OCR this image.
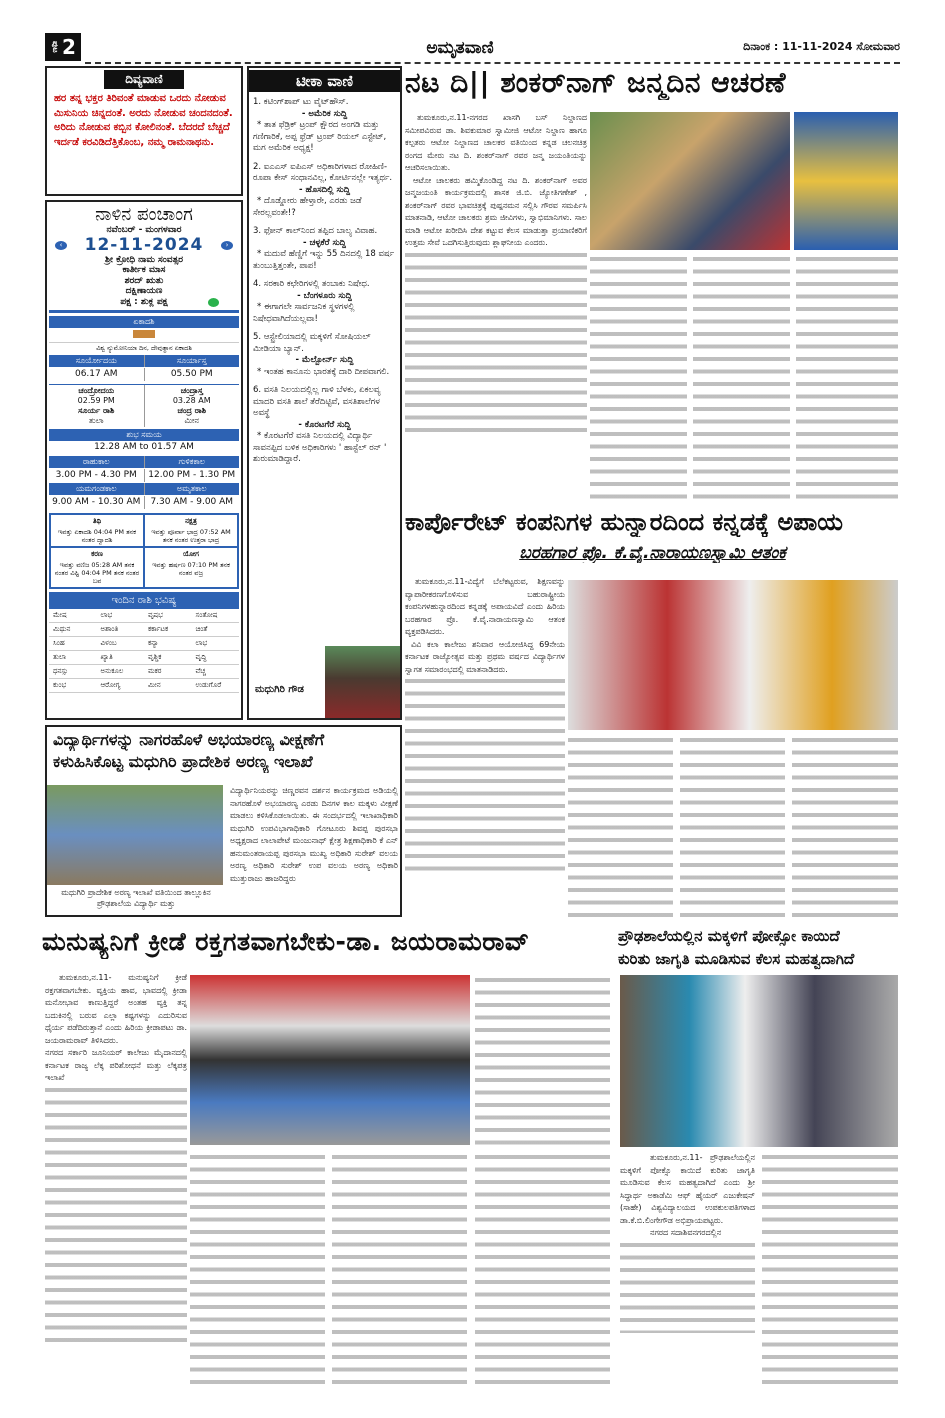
ಪುಟ 2	ಅಮೃತವಾಣಿ	ದಿನಾಂಕ : 11-11-2024 ಸೋಮವಾರ
ದಿವ್ಯವಾಣಿ

ಹರ ತನ್ನ ಭಕ್ತರ ತಿರಿವಂತೆ ಮಾಡುವ ಒರದು ನೋಡುವ ಮಿಸುನಿಯ ಚಿನ್ನದಂತೆ. ಅರದು ನೋಡುವ ಚಂದನದಂತೆ. ಅರಿದು ನೋಡುವ ಕಬ್ಬಿನ ಕೋಲಿನಂತೆ. ಬೆದರದೆ ಬೆಚ್ಚದೆ ಇರ್ದಡೆ ಕರವಿಡಿದೆತ್ತಿಕೊಂಬ, ನಮ್ಮ ರಾಮನಾಥನು.

ನಾಳಿನ ಪಂಚಾಂಗ
ನವೆಂಬರ್ - ಮಂಗಳವಾರ
‹ 12-11-2024	›
ಶ್ರೀ ಕ್ರೋಧಿ ನಾಮ ಸಂವತ್ಸರ
ಕಾರ್ತೀಕ ಮಾಸ
ಶರದ್ ಋತು
ದಕ್ಷಿಣಾಯಣ
ಪಕ್ಷ : ಶುಕ್ಲ ಪಕ್ಷ
ಏಕಾದಶಿ
ವಿಶ್ವ ನ್ಯುಮೋನಿಯಾ ದಿನ, ದೇವುತ್ಥಾನ ಏಕಾದಶಿ
ಸೂರ್ಯೋದಯ	ಸೂರ್ಯಾಸ್ತ
06.17 AM	05.50 PM
ಚಂದ್ರೋದಯ
02.59 PM
ಸೂರ್ಯ ರಾಶಿ
ತುಲಾ
ಚಂದ್ರಾಸ್ತ
03.28 AM
ಚಂದ್ರ ರಾಶಿ
ಮೀನ
ಶುಭ ಸಮಯ
12.28 AM to 01.57 AM
ರಾಹುಕಾಲ	ಗುಳಿಕಕಾಲ
3.00 PM - 4.30 PM	12.00 PM - 1.30 PM
ಯಮಗಂಡಕಾಲ	ಅಮೃತಕಾಲ
9.00 AM - 10.30 AM	7.30 AM - 9.00 AM
ತಿಥಿ
ಇವತ್ತು ಏಕಾದಶಿ 04:04 PM ತನಕ ನಂತರ ದ್ವಾದಶಿ
ನಕ್ಷತ್ರ
ಇವತ್ತು ಪೂರ್ವಾ ಭಾದ್ರ 07:52 AM ತನಕ ನಂತರ ಉತ್ತರಾ ಭಾದ್ರ
ಕರಣ
ಇವತ್ತು ವಣಿಜ 05:28 AM ತನಕ ನಂತರ ವಿಷ್ಟಿ 04:04 PM ತನಕ ನಂತರ ಬವ
ಯೋಗ
ಇವತ್ತು ಹರ್ಷಣ 07:10 PM ತನಕ ನಂತರ ವಜ್ರ
ಇಂದಿನ ರಾಶಿ ಭವಿಷ್ಯ
ಮೇಷ	ಲಾಭ	ವೃಷಭ	ಸಂತೋಷ
ಮಿಥುನ	ಅಶಾಂತಿ	ಕರ್ಕಾಟಕ	ಚಿಂತೆ
ಸಿಂಹ	ವಿಳಂಬ	ಕನ್ಯಾ	ಲಾಭ
ತುಲಾ	ಖ್ಯಾತಿ	ವೃಶ್ಚಿಕ	ವೃದ್ಧಿ
ಧನಸ್ಸು	ಅನುಕೂಲ	ಮಕರ	ವೆಚ್ಚ
ಕುಂಭ	ಆರೋಗ್ಯ	ಮೀನ	ಉಡುಗೊರೆ
ಟೀಕಾ ವಾಣಿ
1. ಕಟಿಂಗ್‌ಶಾಪ್ ಟು ವೈಟ್‌ಹೌಸ್.
- ಅಮೆರಿಕ ಸುದ್ದಿ
* ತಾತ ಫೆಡ್ರಿಕ್ ಟ್ರಂಪ್ ಕ್ಷೌರದ ಅಂಗಡಿ ಮತ್ತು ಗಣಿಗಾರಿಕೆ, ಅಪ್ಪ ಫ್ರೆಡ್ ಟ್ರಂಪ್ ರಿಯಲ್ ಎಸ್ಟೇಟ್, ಮಗ ಅಮೆರಿಕ ಅಧ್ಯಕ್ಷ!
2. ಐಎಎಸ್ ಐಪಿಎಸ್ ಅಧಿಕಾರಿಗಳಾದ ರೋಹಿಣಿ-ರೂಪಾ ಕೇಸ್ ಸಂಧಾನವಿಲ್ಲ, ಕೋರ್ಟಿನಲ್ಲೇ ಇತ್ಯರ್ಥ.
- ಹೊಸದಿಲ್ಲಿ ಸುದ್ದಿ
* ದೊಡ್ಡೋರು ಹೇಳ್ತಾರೇ, ಎರಡು ಜಡೆ ಸೇರಲ್ಲವಂತೇ!?
3. ಫೋನ್ ಕಾಲ್‌ನಿಂದ ತಪ್ಪಿದ ಬಾಲ್ಯ ವಿವಾಹ.
- ಚಳ್ಳಕೆರೆ ಸುದ್ದಿ
* ಮದುವೆ ಹೆಣ್ಣಿಗೆ ಇನ್ನು 55 ದಿನದಲ್ಲಿ 18 ವರ್ಷ ತುಂಬುತ್ತಿತ್ತಂತೇ, ಪಾಪ!
4. ಸರಕಾರಿ ಕಛೇರಿಗಳಲ್ಲಿ ತಂಬಾಕು ನಿಷೇಧ.
- ಬೆಂಗಳೂರು ಸುದ್ದಿ
* ಈಗಾಗಲೇ ಸಾರ್ವಜನಿಕ ಸ್ಥಳಗಳಲ್ಲಿ ನಿಷೇಧವಾಗಿದೆಯಲ್ಲವಾ!
5. ಆಸ್ಟ್ರೇಲಿಯಾದಲ್ಲಿ ಮಕ್ಕಳಿಗೆ ಸೋಷಿಯಲ್ ಮೀಡಿಯಾ ಬ್ಯಾನ್.
- ಮೆಲ್ಬೋರ್ನ್ ಸುದ್ದಿ
* ಇಂತಹ ಕಾನೂನು ಭಾರತಕ್ಕೆ ದಾರಿ ದೀಪವಾಗಲಿ.
6. ವಸತಿ ನಿಲಯದಲ್ಲಿಲ್ಲ ಗಾಳಿ ಬೆಳಕು, ಏಕಲವ್ಯ ಮಾದರಿ ವಸತಿ ಶಾಲೆ ತೆರೆದಿಟ್ಟಿವೆ, ವಸತಿಶಾಲೆಗಳ ಅವಸ್ಥೆ
- ಕೊರಟಗೆರೆ ಸುದ್ದಿ
* ಕೊರಟಗೆರೆ ವಸತಿ ನಿಲಯದಲ್ಲಿ ವಿದ್ಯಾರ್ಥಿ ಸಾವನಪ್ಪಿದ ಬಳಿಕ ಅಧಿಕಾರಿಗಳು ' ಹಾಸ್ಟೆಲ್ ರನ್ ' ಶುರುಮಾಡಿದ್ದಾರೆ.
ಮಧುಗಿರಿ ಗೌಡ
ನಟ ದಿ|| ಶಂಕರ್‌ನಾಗ್ ಜನ್ಮದಿನ ಆಚರಣೆ

ತುಮಕೂರು,ನ.11-ನಗರದ ಖಾಸಗಿ ಬಸ್ ನಿಲ್ದಾಣದ ಸಮೀಪವಿರುವ ಡಾ. ಶಿವಕುಮಾರ ಸ್ವಾಮೀಜಿ ಆಟೋ ನಿಲ್ದಾಣ ಹಾಗೂ ಕಲ್ಪತರು ಆಟೋ ನಿಲ್ದಾಣದ ಚಾಲಕರ ವತಿಯಿಂದ ಕನ್ನಡ ಚಲನಚಿತ್ರ ರಂಗದ ಮೇರು ನಟ ದಿ. ಶಂಕರ್‌ನಾಗ್ ರವರ ಜನ್ಮ ಜಯಂತಿಯನ್ನು ಆಚರಿಸಲಾಯಿತು.

ಆಟೋ ಚಾಲಕರು ಹಮ್ಮಿಕೊಂಡಿದ್ದ ನಟ ದಿ. ಶಂಕರ್‌ನಾಗ್ ಅವರ ಜನ್ಮಜಯಂತಿ ಕಾರ್ಯಕ್ರಮದಲ್ಲಿ ಶಾಸಕ ಜಿ.ಬಿ. ಜ್ಯೋತಿಗಣೇಶ್ , ಶಂಕರ್‌ನಾಗ್ ರವರ ಭಾವಚಿತ್ರಕ್ಕೆ ಪುಷ್ಪನಮನ ಸಲ್ಲಿಸಿ ಗೌರವ ಸಮರ್ಪಿಸಿ ಮಾತನಾಡಿ, ಆಟೋ ಚಾಲಕರು ಶ್ರಮ ಜೀವಿಗಳು, ಸ್ವಾಭಿಮಾನಿಗಳು. ಸಾಲ ಮಾಡಿ ಆಟೋ ಖರೀದಿಸಿ ದೇಶ ಕಟ್ಟುವ ಕೆಲಸ ಮಾಡುತ್ತಾ ಪ್ರಯಾಣಿಕರಿಗೆ ಉತ್ತಮ ಸೇವೆ ಒದಗಿಸುತ್ತಿರುವುದು ಶ್ಲಾಘನೀಯ ಎಂದರು.

ಕಾರ್ಪೊರೇಟ್ ಕಂಪನಿಗಳ ಹುನ್ನಾರದಿಂದ ಕನ್ನಡಕ್ಕೆ ಅಪಾಯ
ಬರಹಗಾರ ಪ್ರೊ. ಕೆ.ವೈ.ನಾರಾಯಣಸ್ವಾಮಿ ಆತಂಕ

ತುಮಕೂರು,ನ.11-ವಿದ್ಯೆಗೆ ಬೆಲೆಕಟ್ಟರುವ, ಶಿಕ್ಷಣವನ್ನು ವ್ಯಾಪಾರೀಕರಣಗೊಳಿಸುವ ಬಹುರಾಷ್ಟ್ರೀಯ ಕಂಪನಿಗಳಹುನ್ನಾರದಿಂದ ಕನ್ನಡಕ್ಕೆ ಅಪಾಯವಿದೆ ಎಂದು ಹಿರಿಯ ಬರಹಗಾರ ಪ್ರೊ. ಕೆ.ವೈ.ನಾರಾಯಣಸ್ವಾಮಿ ಆತಂಕ ವ್ಯಕ್ತಪಡಿಸಿದರು.

ವಿವಿ ಕಲಾ ಕಾಲೇಜು ಶನಿವಾರ ಆಯೋಜಿಸಿದ್ದ 69ನೇಯ ಕರ್ನಾಟಕ ರಾಜ್ಯೋತ್ಸವ ಮತ್ತು ಪ್ರಥಮ ವರ್ಷದ ವಿದ್ಯಾರ್ಥಿಗಳ ಸ್ವಾಗತ ಸಮಾರಂಭದಲ್ಲಿ ಮಾತನಾಡಿದರು.

ವಿದ್ಯಾರ್ಥಿಗಳನ್ನು ನಾಗರಹೊಳೆ ಅಭಯಾರಣ್ಯ ವೀಕ್ಷಣೆಗೆ
ಕಳುಹಿಸಿಕೊಟ್ಟ ಮಧುಗಿರಿ ಪ್ರಾದೇಶಿಕ ಅರಣ್ಯ ಇಲಾಖೆ
ಮಧುಗಿರಿ ಪ್ರಾದೇಶಿಕ ಅರಣ್ಯ ಇಲಾಖೆ ವತಿಯಿಂದ ತಾಲ್ಲೂಕಿನ ಪ್ರೌಢಶಾಲೆಯ ವಿದ್ಯಾರ್ಥಿ ಮತ್ತು
ವಿದ್ಯಾರ್ಥಿನಿಯರನ್ನು ಚಿಣ್ಣರವನ ದರ್ಶನ ಕಾರ್ಯಕ್ರಮದ ಅಡಿಯಲ್ಲಿ ನಾಗರಹೊಳೆ ಅಭಯಾರಣ್ಯ ಎರಡು ದಿನಗಳ ಕಾಲ ಮಕ್ಕಳು ವೀಕ್ಷಣೆ ಮಾಡಲು ಕಳಿಸಿಕೊಡಲಾಯಿತು. ಈ ಸಂದರ್ಭದಲ್ಲಿ ಇಲಾಖಾಧಿಕಾರಿ ಮಧುಗಿರಿ ಉಪವಿಭಾಗಾಧಿಕಾರಿ ಗೋಟೂರು ಶಿವಪ್ಪ ಪುರಸಭಾ ಅಧ್ಯಕ್ಷರಾದ ಲಾಲಾಪೇಟೆ ಮಂಜುನಾಥ್ ಕ್ಷೇತ್ರ ಶಿಕ್ಷಣಾಧಿಕಾರಿ ಕೆ ಎನ್ ಹನುಮಂತರಾಯಪ್ಪ ಪುರಸಭಾ ಮುಖ್ಯ ಅಧಿಕಾರಿ ಸುರೇಶ್ ವಲಯ ಅರಣ್ಯ ಅಧಿಕಾರಿ ಸುರೇಶ್ ಉಪ ವಲಯ ಅರಣ್ಯ ಅಧಿಕಾರಿ ಮುತ್ತುರಾಜು ಹಾಜರಿದ್ದರು
ಮನುಷ್ಯನಿಗೆ ಕ್ರೀಡೆ ರಕ್ತಗತವಾಗಬೇಕು-ಡಾ. ಜಯರಾಮರಾವ್

ತುಮಕೂರು,ನ.11- ಮನುಷ್ಯನಿಗೆ ಕ್ರೀಡೆ ರಕ್ತಗತವಾಗಬೇಕು. ವ್ಯಕ್ತಿಯ ಹಾವ, ಭಾವದಲ್ಲಿ ಕ್ರೀಡಾ ಮನೋಭಾವ ಕಾಣುತ್ತಿದ್ದರೆ ಅಂತಹ ವ್ಯಕ್ತಿ ತನ್ನ ಬದುಕಿನಲ್ಲಿ ಬರುವ ಎಲ್ಲಾ ಕಷ್ಟಗಳನ್ನು ಎದುರಿಸುವ ಧೈರ್ಯ ಪಡೆದಿರುತ್ತಾನೆ ಎಂದು ಹಿರಿಯ ಕ್ರೀಡಾಪಟು ಡಾ. ಜಯರಾಮರಾವ್ ತಿಳಿಸಿದರು.

ನಗರದ ಸರ್ಕಾರಿ ಜೂನಿಯರ್ ಕಾಲೇಜು ಮೈದಾನದಲ್ಲಿ ಕರ್ನಾಟಕ ರಾಜ್ಯ ಲೆಕ್ಕ ಪರಿಶೋಧನೆ ಮತ್ತು ಲೆಕ್ಕಪತ್ರ ಇಲಾಖೆ

ಪ್ರೌಢಶಾಲೆಯಲ್ಲಿನ ಮಕ್ಕಳಿಗೆ ಪೋಕ್ಸೋ ಕಾಯಿದೆ
ಕುರಿತು ಜಾಗೃತಿ ಮೂಡಿಸುವ ಕೆಲಸ ಮಹತ್ವದಾಗಿದೆ

ತುಮಕೂರು,ನ.11- ಪ್ರೌಢಶಾಲೆಯಲ್ಲಿನ ಮಕ್ಕಳಿಗೆ ಪೋಕ್ಸೊ ಕಾಯಿದೆ ಕುರಿತು ಜಾಗೃತಿ ಮೂಡಿಸುವ ಕೆಲಸ ಮಹತ್ವದಾಗಿದೆ ಎಂದು ಶ್ರೀ ಸಿದ್ಧಾರ್ಥ ಅಕಾಡೆಮಿ ಆಫ್ ಹೈಯರ್ ಎಜುಕೇಷನ್ (ಸಾಹೇ) ವಿಶ್ವವಿದ್ಯಾಲಯದ ಉಪಕುಲಪತಿಗಳಾದ ಡಾ.ಕೆ.ಬಿ.ಲಿಂಗೇಗೌಡ ಅಭಿಪ್ರಾಯಪಟ್ಟರು.

ನಗರದ ಸದಾಶಿವನಗರದಲ್ಲಿನ
